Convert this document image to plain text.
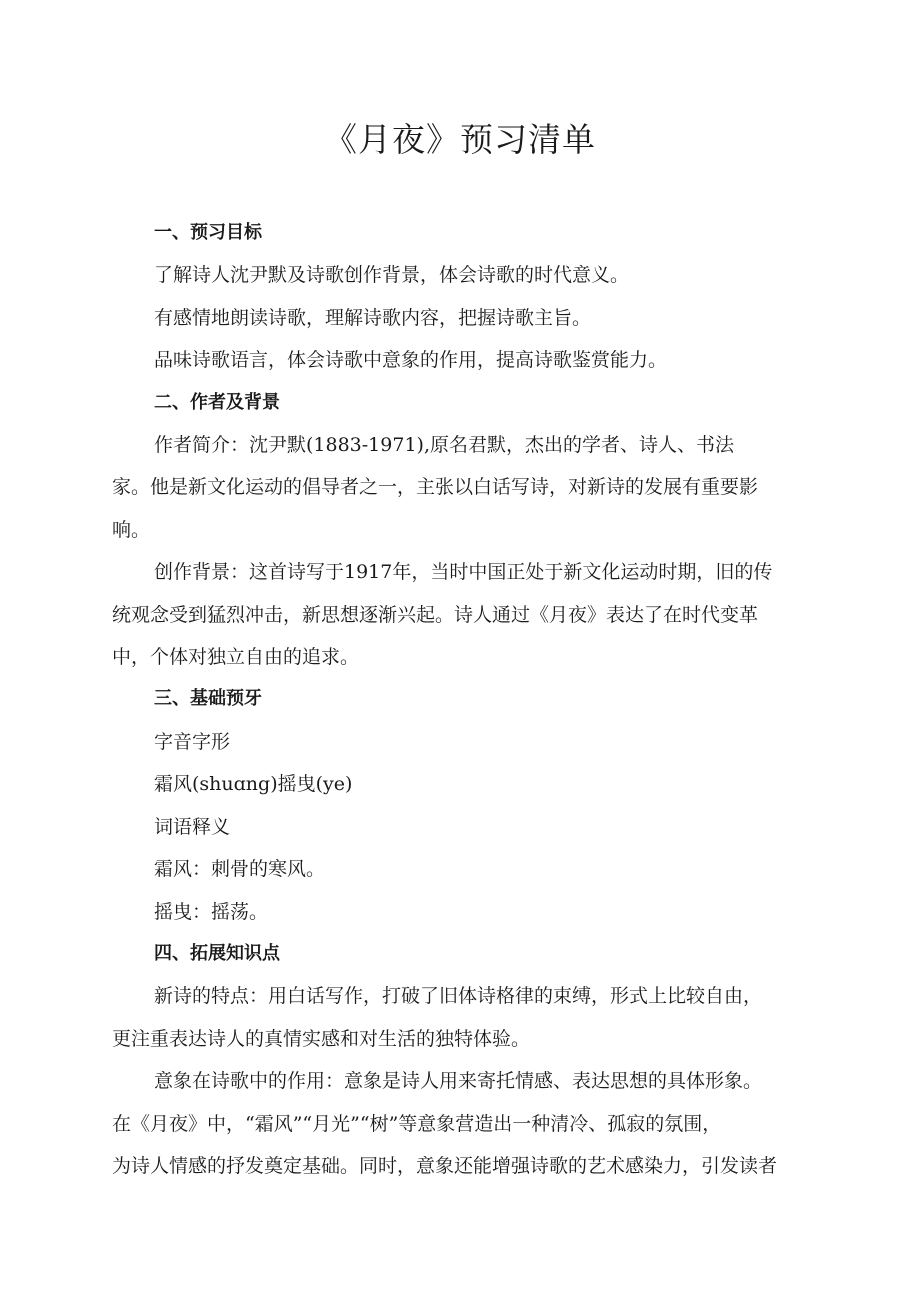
《月夜》预习清单

一、预习目标

了解诗人沈尹默及诗歌创作背景，体会诗歌的时代意义。

有感情地朗读诗歌，理解诗歌内容，把握诗歌主旨。

品味诗歌语言，体会诗歌中意象的作用，提高诗歌鉴赏能力。

二、作者及背景

作者简介：沈尹默(1883-1971),原名君默，杰出的学者、诗人、书法

家。他是新文化运动的倡导者之一，主张以白话写诗，对新诗的发展有重要影

响。

创作背景：这首诗写于1917年，当时中国正处于新文化运动时期，旧的传

统观念受到猛烈冲击，新思想逐渐兴起。诗人通过《月夜》表达了在时代变革

中，个体对独立自由的追求。

三、基础预牙

字音字形

霜风(shuɑng)摇曳(ye)

词语释义

霜风：刺骨的寒风。

摇曳：摇荡。

四、拓展知识点

新诗的特点：用白话写作，打破了旧体诗格律的束缚，形式上比较自由，

更注重表达诗人的真情实感和对生活的独特体验。

意象在诗歌中的作用：意象是诗人用来寄托情感、表达思想的具体形象。

在《月夜》中，“霜风”“月光”“树”等意象营造出一种清冷、孤寂的氛围，

为诗人情感的抒发奠定基础。同时，意象还能增强诗歌的艺术感染力，引发读者
